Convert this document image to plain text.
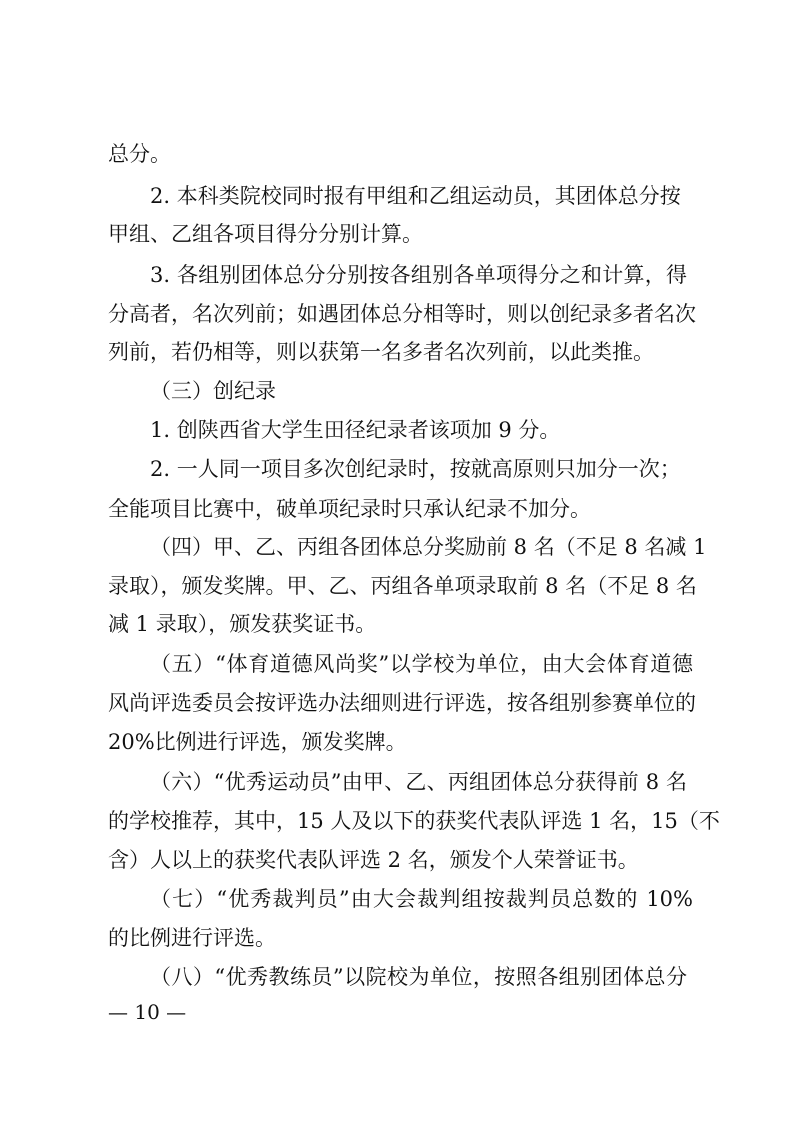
总分。
2. 本科类院校同时报有甲组和乙组运动员，其团体总分按
甲组、乙组各项目得分分别计算。
3. 各组别团体总分分别按各组别各单项得分之和计算，得
分高者，名次列前；如遇团体总分相等时，则以创纪录多者名次
列前，若仍相等，则以获第一名多者名次列前，以此类推。
（三）创纪录
1. 创陕西省大学生田径纪录者该项加 9 分。
2. 一人同一项目多次创纪录时，按就高原则只加分一次；
全能项目比赛中，破单项纪录时只承认纪录不加分。
（四）甲、乙、丙组各团体总分奖励前 8 名（不足 8 名减 1
录取），颁发奖牌。甲、乙、丙组各单项录取前 8 名（不足 8 名
减 1 录取），颁发获奖证书。
（五）“体育道德风尚奖”以学校为单位，由大会体育道德
风尚评选委员会按评选办法细则进行评选，按各组别参赛单位的
20%比例进行评选，颁发奖牌。
（六）“优秀运动员”由甲、乙、丙组团体总分获得前 8 名
的学校推荐，其中，15 人及以下的获奖代表队评选 1 名，15（不
含）人以上的获奖代表队评选 2 名，颁发个人荣誉证书。
（七）“优秀裁判员”由大会裁判组按裁判员总数的 10%
的比例进行评选。
（八）“优秀教练员”以院校为单位，按照各组别团体总分
— 10 —
